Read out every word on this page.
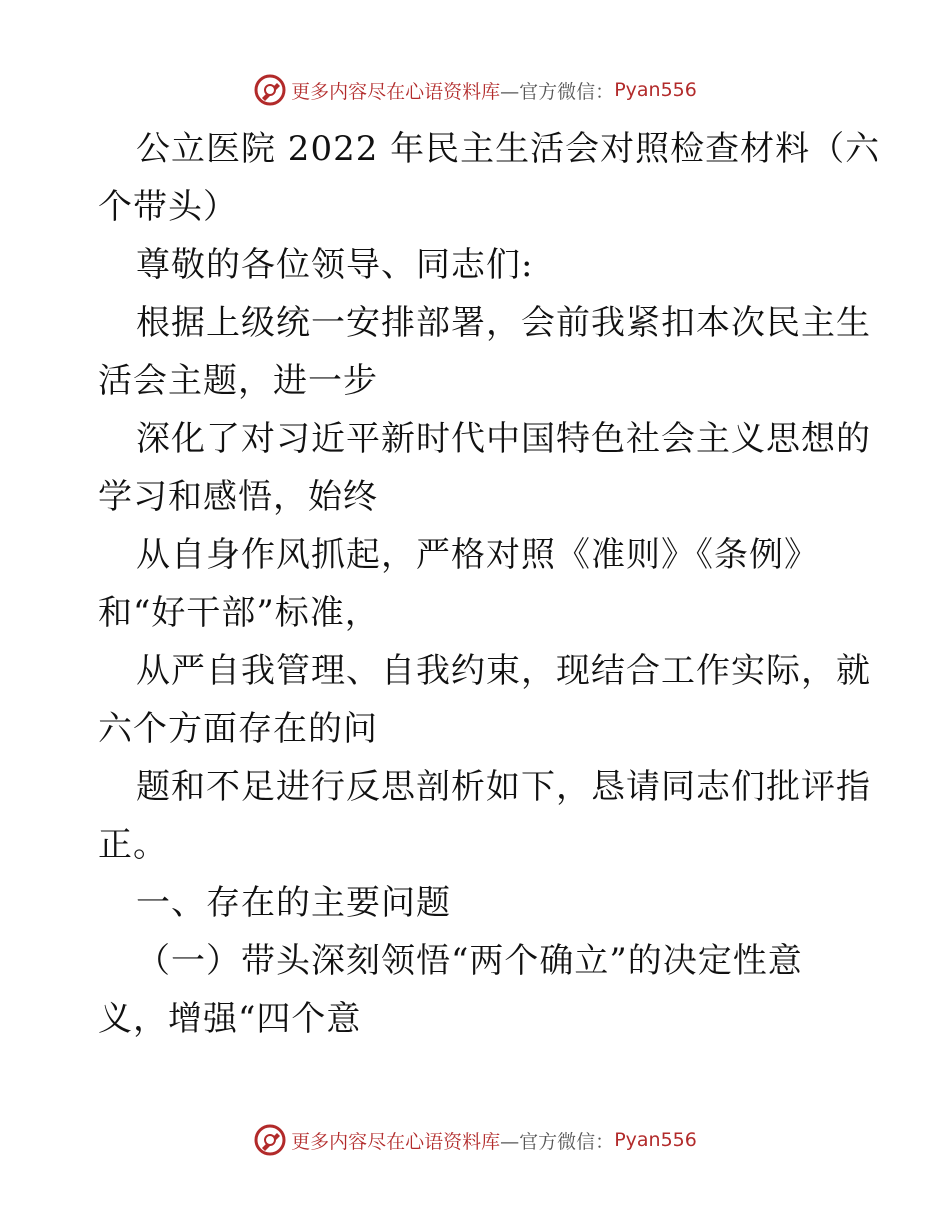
更多内容尽在心语资料库 —官方微信： Pyan556
公立医院 2022 年民主生活会对照检查材料（六
个带头）
尊敬的各位领导、同志们:
根据上级统一安排部署，会前我紧扣本次民主生
活会主题，进一步
深化了对习近平新时代中国特色社会主义思想的
学习和感悟，始终
从自身作风抓起，严格对照《准则》《条例》
和“好干部”标准，
从严自我管理、自我约束，现结合工作实际，就
六个方面存在的问
题和不足进行反思剖析如下，恳请同志们批评指
正。
一、存在的主要问题
（一）带头深刻领悟“两个确立”的决定性意
义，增强“四个意
更多内容尽在心语资料库 —官方微信： Pyan556
